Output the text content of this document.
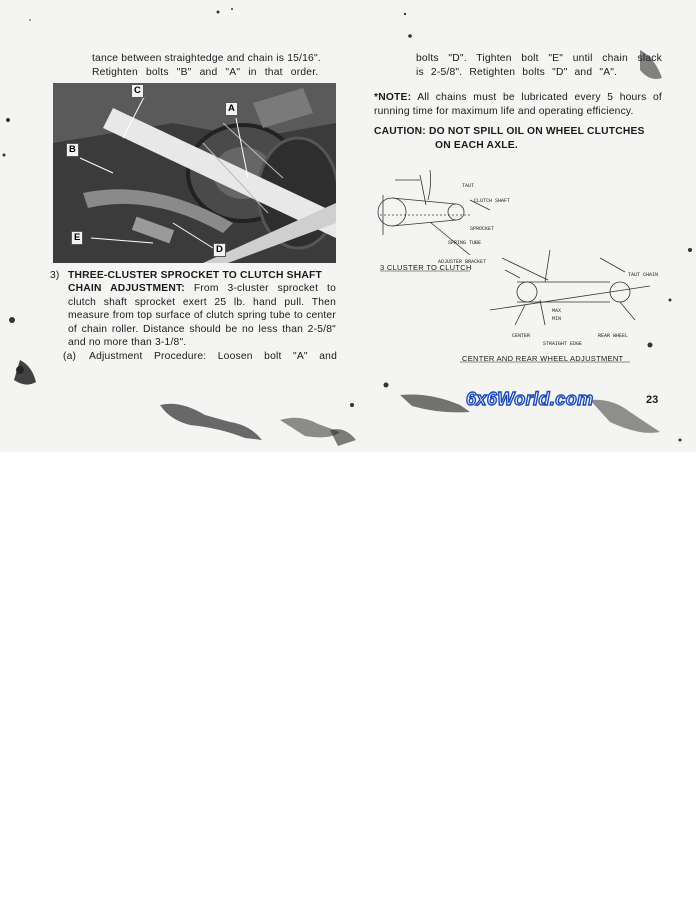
tance between straightedge and chain is 15/16".
Retighten bolts "B" and "A" in that order.
C
A
B
E
D
3) THREE-CLUSTER SPROCKET TO CLUTCH SHAFT
CHAIN ADJUSTMENT: From 3-cluster sprocket to clutch shaft sprocket exert 25 lb. hand pull. Then measure from top surface of clutch spring tube to center of chain roller. Distance should be no less than 2-5/8" and no more than 3-1/8".
(a) Adjustment Procedure: Loosen bolt "A" and
bolts "D". Tighten bolt "E" until chain slack
is 2-5/8". Retighten bolts "D" and "A".
*NOTE: All chains must be lubricated every 5 hours of running time for maximum life and operating efficiency.
CAUTION: DO NOT SPILL OIL ON WHEEL CLUTCHES
ON EACH AXLE.
CLUTCH SHAFT
TAUT
SPROCKET
SPRING TUBE
ADJUSTER BRACKET
3 CLUSTER TO CLUTCH
TAUT CHAIN
MAX
MIN
CENTER	REAR WHEEL
STRAIGHT EDGE
CENTER AND REAR WHEEL ADJUSTMENT
6x6World.com	23
